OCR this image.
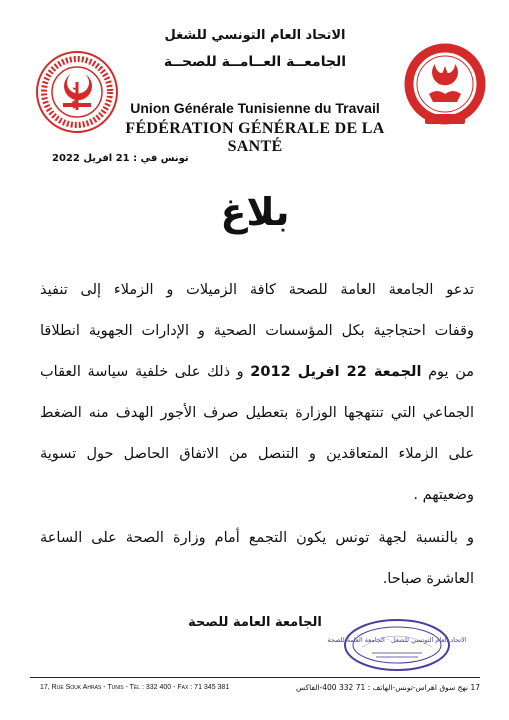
الاتحاد العام التونسي للشغل
الجامعــة العــامــة للصحــة
Union Générale Tunisienne du Travail
FÉDÉRATION GÉNÉRALE DE LA SANTÉ
تونس في : 21 افريل 2022
بلاغ
تدعو الجامعة العامة للصحة كافة الزميلات و الزملاء إلى تنفيذ
وقفات احتجاجية بكل المؤسسات الصحية و الإدارات الجهوية انطلاقا
من يوم الجمعة 22 افريل 2012 و ذلك على خلفية سياسة العقاب
الجماعي التي تنتهجها الوزارة بتعطيل صرف الأجور الهدف منه الضغط
على الزملاء المتعاقدين و التنصل من الاتفاق الحاصل حول تسوية
وضعيتهم .
و بالنسبة لجهة تونس يكون التجمع أمام وزارة الصحة على الساعة
العاشرة صباحا.
الجامعة العامة للصحة
الاتحاد العام التونسي للشغل · الجامعة العامة للصحة
17, Rue Souk Ahras - Tunis - Tél : 332 400 - Fax : 71 345 381	17 نهج سوق اهراس-تونس-الهاتف : 71 332 400-الفاكس
